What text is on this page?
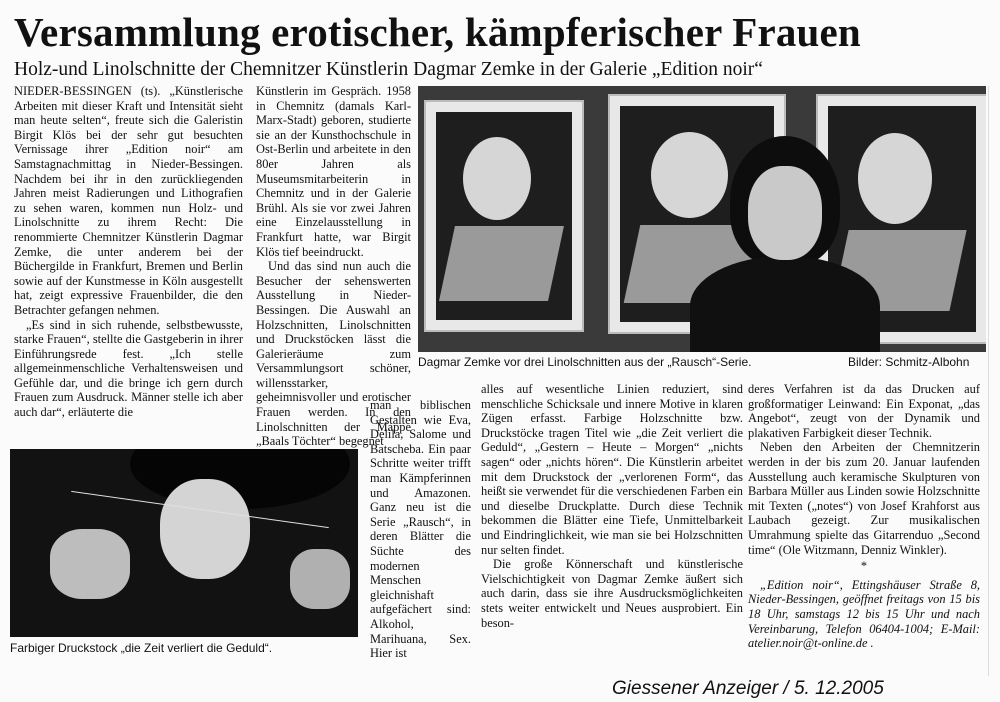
Versammlung erotischer, kämpferischer Frauen
Holz-und Linolschnitte der Chemnitzer Künstlerin Dagmar Zemke in der Galerie „Edition noir“

NIEDER-BESSINGEN (ts). „Künstlerische Arbeiten mit dieser Kraft und Intensität sieht man heute selten“, freute sich die Galeristin Birgit Klös bei der sehr gut besuchten Vernissage ihrer „Edition noir“ am Samstagnachmittag in Nieder-Bessingen. Nachdem bei ihr in den zurückliegenden Jahren meist Radierungen und Lithografien zu sehen waren, kommen nun Holz- und Linolschnitte zu ihrem Recht: Die renommierte Chemnitzer Künstlerin Dagmar Zemke, die unter anderem bei der Büchergilde in Frankfurt, Bremen und Berlin sowie auf der Kunstmesse in Köln ausgestellt hat, zeigt expressive Frauenbilder, die den Betrachter gefangen nehmen.

„Es sind in sich ruhende, selbstbewusste, starke Frauen“, stellte die Gastgeberin in ihrer Einführungsrede fest. „Ich stelle allgemeinmenschliche Verhaltensweisen und Gefühle dar, und die bringe ich gern durch Frauen zum Ausdruck. Männer stelle ich aber auch dar“, erläuterte die

Künstlerin im Gespräch. 1958 in Chemnitz (damals Karl-Marx-Stadt) geboren, studierte sie an der Kunsthochschule in Ost-Berlin und arbeitete in den 80er Jahren als Museumsmitarbeiterin in Chemnitz und in der Galerie Brühl. Als sie vor zwei Jahren eine Einzelausstellung in Frankfurt hatte, war Birgit Klös tief beeindruckt.

Und das sind nun auch die Besucher der sehenswerten Ausstellung in Nieder-Bessingen. Die Auswahl an Holzschnitten, Linolschnitten und Druckstöcken lässt die Galerieräume zum Versammlungsort schöner, willensstarker, geheimnisvoller und erotischer Frauen werden. In den Linolschnitten der Mappe „Baals Töchter“ begegnet

man biblischen Gestalten wie Eva, Delila, Salome und Batscheba. Ein paar Schritte weiter trifft man Kämpferinnen und Amazonen. Ganz neu ist die Serie „Rausch“, in deren Blätter die Süchte des modernen Menschen gleichnishaft aufgefächert sind: Alkohol, Marihuana, Sex. Hier ist

Dagmar Zemke vor drei Linolschnitten aus der „Rausch“-Serie.	Bilder: Schmitz-Albohn
Farbiger Druckstock „die Zeit verliert die Geduld“.

alles auf wesentliche Linien reduziert, sind menschliche Schicksale und innere Motive in klaren Zügen erfasst. Farbige Holzschnitte bzw. Druckstöcke tragen Titel wie „die Zeit verliert die Geduld“, „Gestern – Heute – Morgen“ „nichts sagen“ oder „nichts hören“. Die Künstlerin arbeitet mit dem Druckstock der „verlorenen Form“, das heißt sie verwendet für die verschiedenen Farben ein und dieselbe Druckplatte. Durch diese Technik bekommen die Blätter eine Tiefe, Unmittelbarkeit und Eindringlichkeit, wie man sie bei Holzschnitten nur selten findet.

Die große Könnerschaft und künstlerische Vielschichtigkeit von Dagmar Zemke äußert sich auch darin, dass sie ihre Ausdrucksmöglichkeiten stets weiter entwickelt und Neues ausprobiert. Ein beson-

deres Verfahren ist da das Drucken auf großformatiger Leinwand: Ein Exponat, „das Angebot“, zeugt von der Dynamik und plakativen Farbigkeit dieser Technik.

Neben den Arbeiten der Chemnitzerin werden in der bis zum 20. Januar laufenden Ausstellung auch keramische Skulpturen von Barbara Müller aus Linden sowie Holzschnitte mit Texten („notes“) von Josef Krahforst aus Laubach gezeigt. Zur musikalischen Umrahmung spielte das Gitarrenduo „Second time“ (Ole Witzmann, Denniz Winkler).

*

„Edition noir“, Ettingshäuser Straße 8, Nieder-Bessingen, geöffnet freitags von 15 bis 18 Uhr, samstags 12 bis 15 Uhr und nach Vereinbarung, Telefon 06404-1004; E-Mail: atelier.noir@t-online.de .

Giessener Anzeiger / 5. 12.2005
